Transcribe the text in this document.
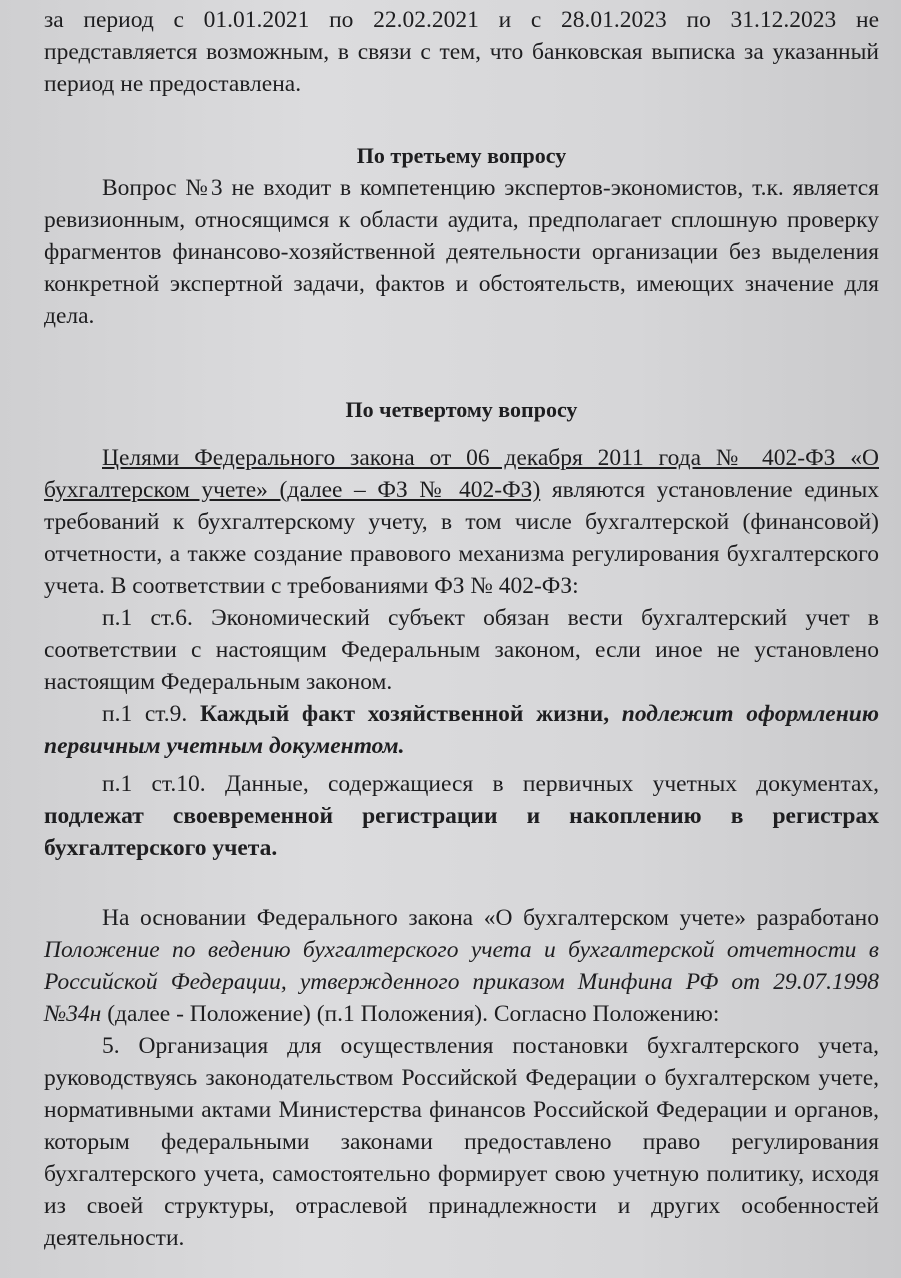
за период с 01.01.2021 по 22.02.2021 и с 28.01.2023 по 31.12.2023 не представляется возможным, в связи с тем, что банковская выписка за указанный период не предоставлена.

По третьему вопросу

Вопрос №3 не входит в компетенцию экспертов-экономистов, т.к. является ревизионным, относящимся к области аудита, предполагает сплошную проверку фрагментов финансово-хозяйственной деятельности организации без выделения конкретной экспертной задачи, фактов и обстоятельств, имеющих значение для дела.

По четвертому вопросу

Целями Федерального закона от 06 декабря 2011 года № 402-ФЗ «О бухгалтерском учете» (далее – ФЗ № 402-ФЗ) являются установление единых требований к бухгалтерскому учету, в том числе бухгалтерской (финансовой) отчетности, а также создание правового механизма регулирования бухгалтерского учета. В соответствии с требованиями ФЗ № 402-ФЗ:

п.1 ст.6. Экономический субъект обязан вести бухгалтерский учет в соответствии с настоящим Федеральным законом, если иное не установлено настоящим Федеральным законом.

п.1 ст.9. Каждый факт хозяйственной жизни, подлежит оформлению первичным учетным документом.

п.1 ст.10. Данные, содержащиеся в первичных учетных документах, подлежат своевременной регистрации и накоплению в регистрах бухгалтерского учета.

На основании Федерального закона «О бухгалтерском учете» разработано Положение по ведению бухгалтерского учета и бухгалтерской отчетности в Российской Федерации, утвержденного приказом Минфина РФ от 29.07.1998 №34н (далее - Положение) (п.1 Положения). Согласно Положению:

5. Организация для осуществления постановки бухгалтерского учета, руководствуясь законодательством Российской Федерации о бухгалтерском учете, нормативными актами Министерства финансов Российской Федерации и органов, которым федеральными законами предоставлено право регулирования бухгалтерского учета, самостоятельно формирует свою учетную политику, исходя из своей структуры, отраслевой принадлежности и других особенностей деятельности.
